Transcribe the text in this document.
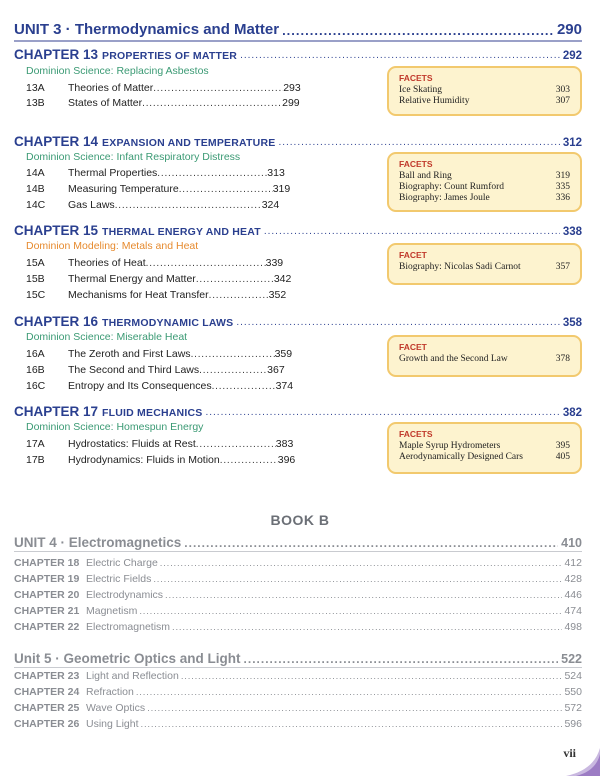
UNIT 3 · Thermodynamics and Matter .....	290
CHAPTER 13 PROPERTIES OF MATTER .....	292
Dominion Science: Replacing Asbestos
13A	Theories of Matter .....	293
13B	States of Matter .....	299
FACETS
Ice Skating	303
Relative Humidity	307
CHAPTER 14 EXPANSION AND TEMPERATURE .....	312
Dominion Science: Infant Respiratory Distress
14A	Thermal Properties .....	313
14B	Measuring Temperature .....	319
14C	Gas Laws .....	324
FACETS
Ball and Ring	319
Biography: Count Rumford	335
Biography: James Joule	336
CHAPTER 15 THERMAL ENERGY AND HEAT .....	338
Dominion Modeling: Metals and Heat
15A	Theories of Heat .....	339
15B	Thermal Energy and Matter .....	342
15C	Mechanisms for Heat Transfer .....	352
FACET
Biography: Nicolas Sadi Carnot	357
CHAPTER 16 THERMODYNAMIC LAWS .....	358
Dominion Science: Miserable Heat
16A	The Zeroth and First Laws .....	359
16B	The Second and Third Laws .....	367
16C	Entropy and Its Consequences .....	374
FACET
Growth and the Second Law	378
CHAPTER 17 FLUID MECHANICS .....	382
Dominion Science: Homespun Energy
17A	Hydrostatics: Fluids at Rest .....	383
17B	Hydrodynamics: Fluids in Motion .....	396
FACETS
Maple Syrup Hydrometers	395
Aerodynamically Designed Cars	405
BOOK B
UNIT 4 · Electromagnetics .....	410
CHAPTER 18 Electric Charge .....	412
CHAPTER 19 Electric Fields .....	428
CHAPTER 20 Electrodynamics .....	446
CHAPTER 21 Magnetism .....	474
CHAPTER 22 Electromagnetism .....	498
Unit 5 · Geometric Optics and Light .....	522
CHAPTER 23 Light and Reflection .....	524
CHAPTER 24 Refraction .....	550
CHAPTER 25 Wave Optics .....	572
CHAPTER 26 Using Light .....	596
vii
